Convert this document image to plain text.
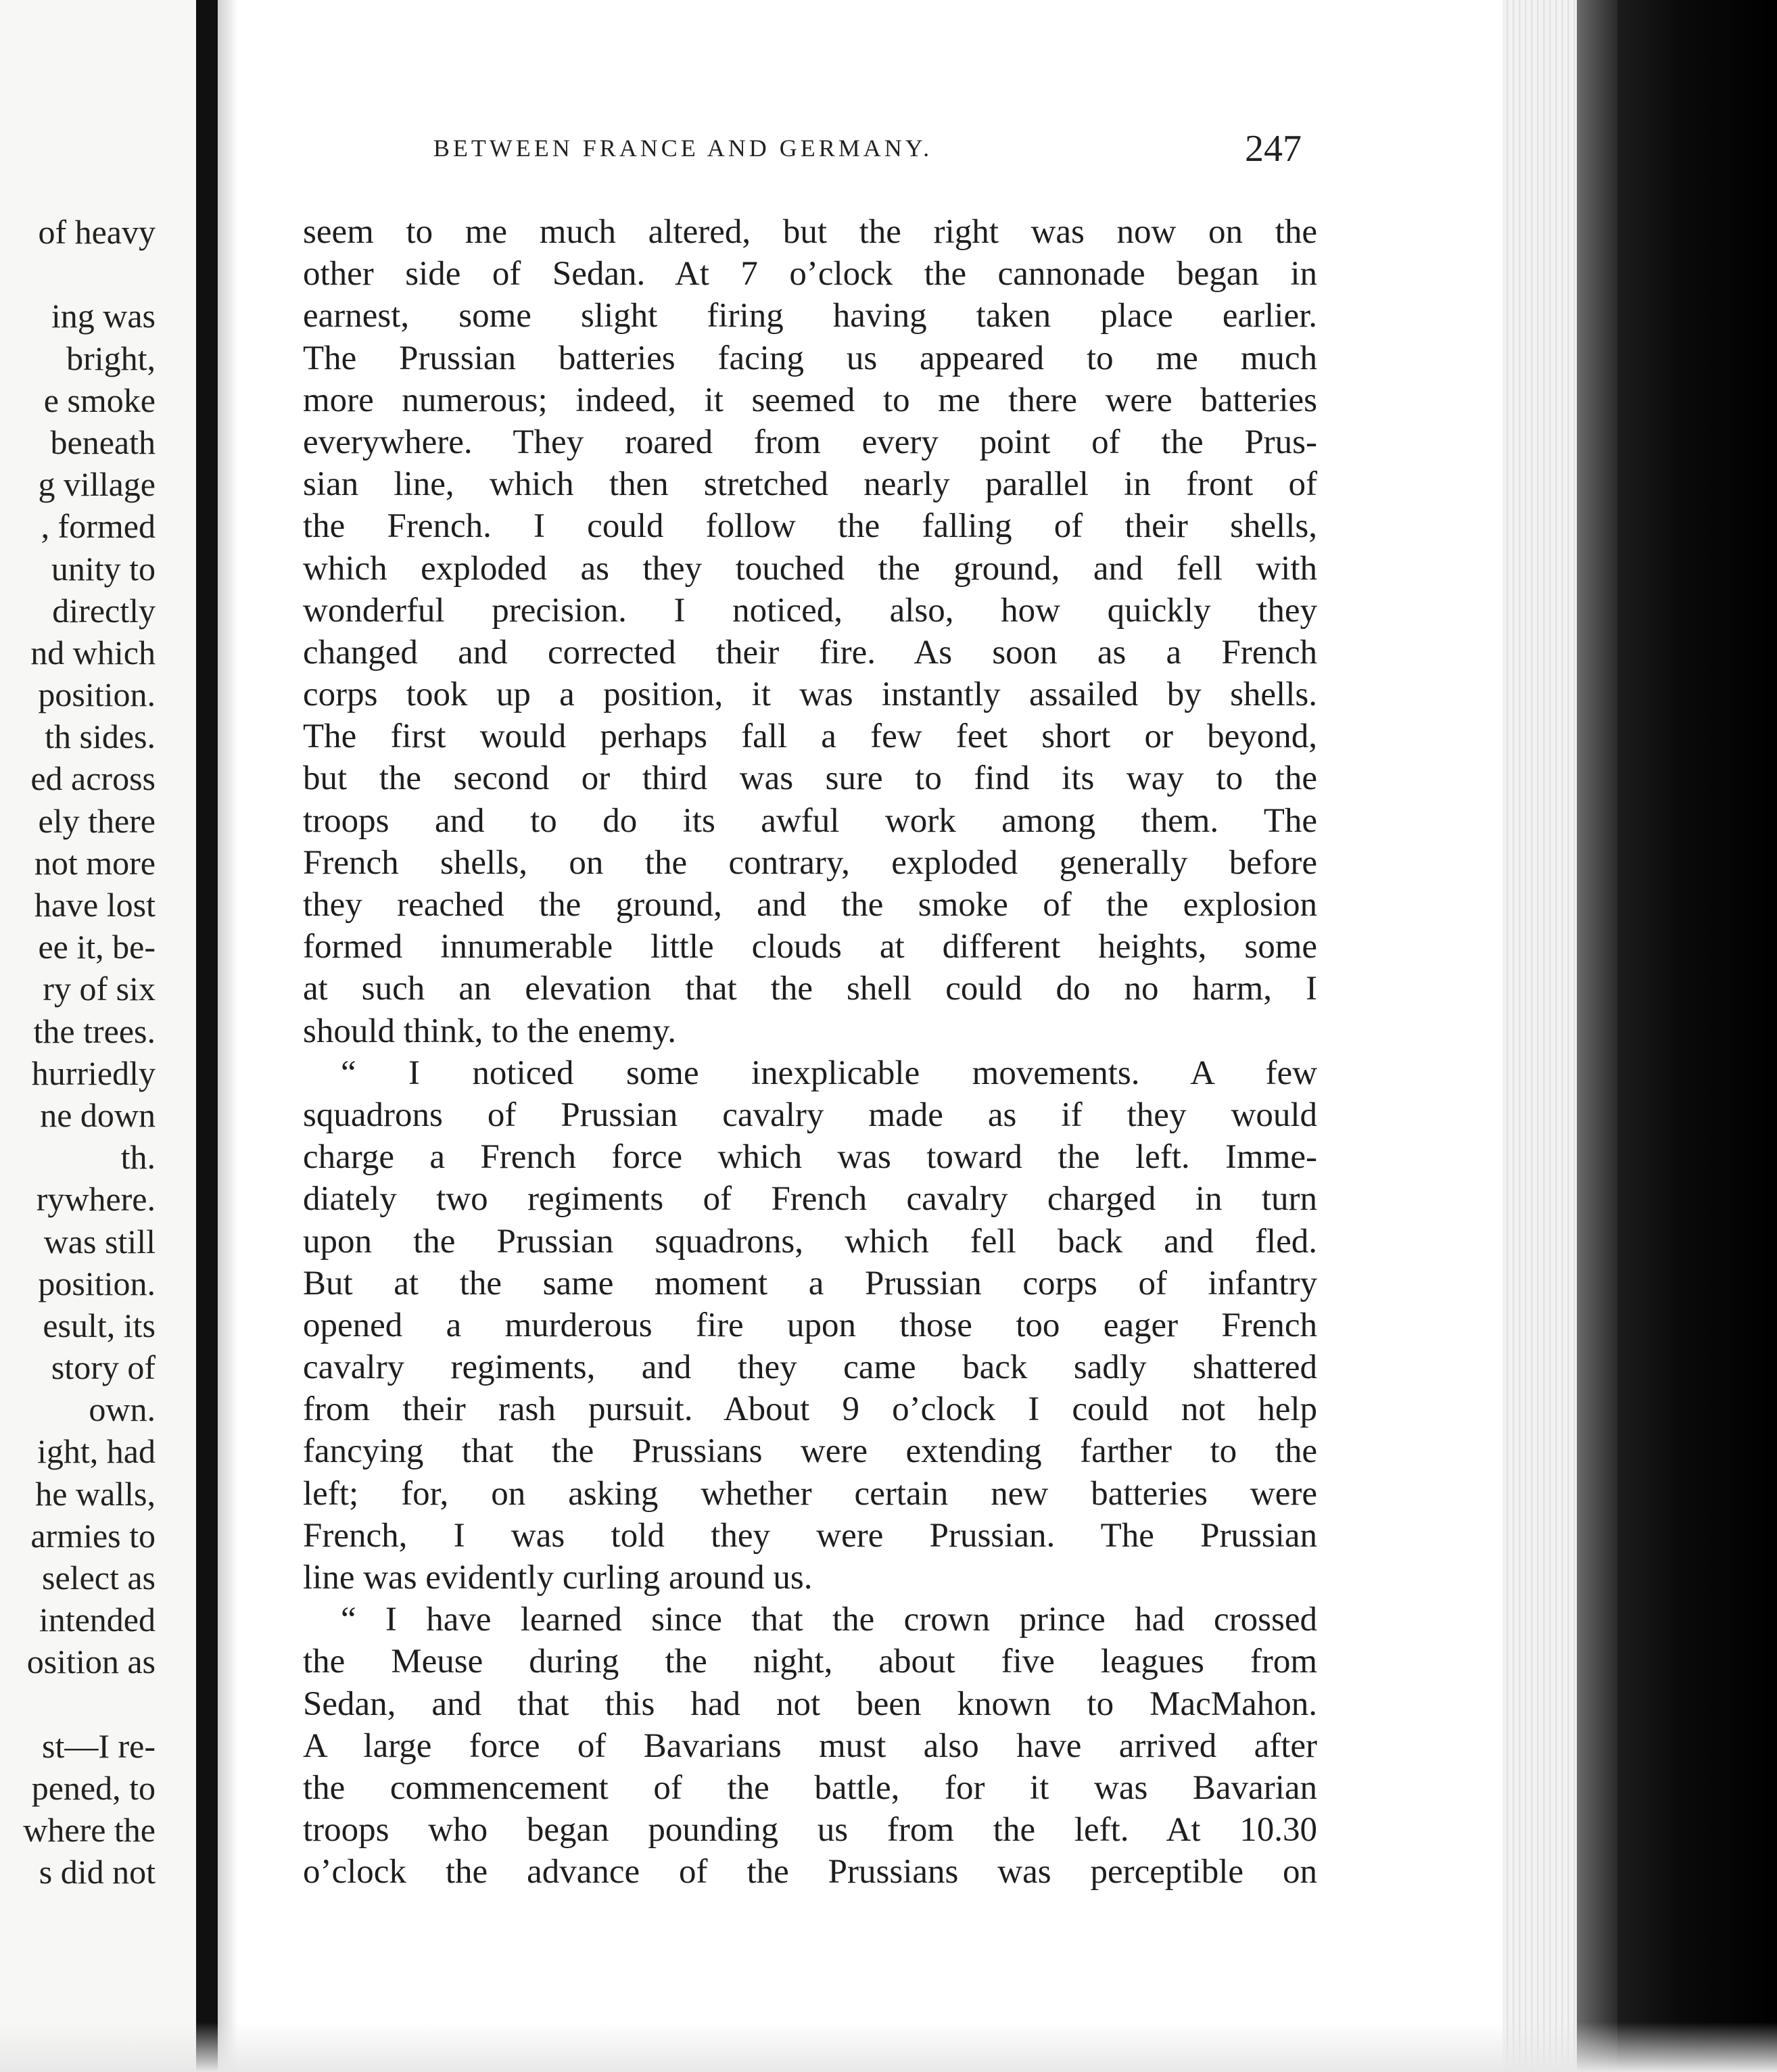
of heavy
ing was
bright,
e smoke
beneath
g village
, formed
unity to
directly
nd which
position.
th sides.
ed across
ely there
not more
have lost
ee it, be-
ry of six
the trees.
hurriedly
ne down
th.
rywhere.
was still
position.
esult, its
story of
own.
ight, had
he walls,
armies to
select as
intended
osition as
st—I re-
pened, to
where the
s did not
BETWEEN FRANCE AND GERMANY.	247
seem to me much altered, but the right was now on the
other side of Sedan. At 7 o’clock the cannonade began in
earnest, some slight firing having taken place earlier.
The Prussian batteries facing us appeared to me much
more numerous; indeed, it seemed to me there were batteries
everywhere. They roared from every point of the Prus-
sian line, which then stretched nearly parallel in front of
the French. I could follow the falling of their shells,
which exploded as they touched the ground, and fell with
wonderful precision. I noticed, also, how quickly they
changed and corrected their fire. As soon as a French
corps took up a position, it was instantly assailed by shells.
The first would perhaps fall a few feet short or beyond,
but the second or third was sure to find its way to the
troops and to do its awful work among them. The
French shells, on the contrary, exploded generally before
they reached the ground, and the smoke of the explosion
formed innumerable little clouds at different heights, some
at such an elevation that the shell could do no harm, I
should think, to the enemy.
“ I noticed some inexplicable movements. A few
squadrons of Prussian cavalry made as if they would
charge a French force which was toward the left. Imme-
diately two regiments of French cavalry charged in turn
upon the Prussian squadrons, which fell back and fled.
But at the same moment a Prussian corps of infantry
opened a murderous fire upon those too eager French
cavalry regiments, and they came back sadly shattered
from their rash pursuit. About 9 o’clock I could not help
fancying that the Prussians were extending farther to the
left; for, on asking whether certain new batteries were
French, I was told they were Prussian. The Prussian
line was evidently curling around us.
“ I have learned since that the crown prince had crossed
the Meuse during the night, about five leagues from
Sedan, and that this had not been known to MacMahon.
A large force of Bavarians must also have arrived after
the commencement of the battle, for it was Bavarian
troops who began pounding us from the left. At 10.30
o’clock the advance of the Prussians was perceptible on
